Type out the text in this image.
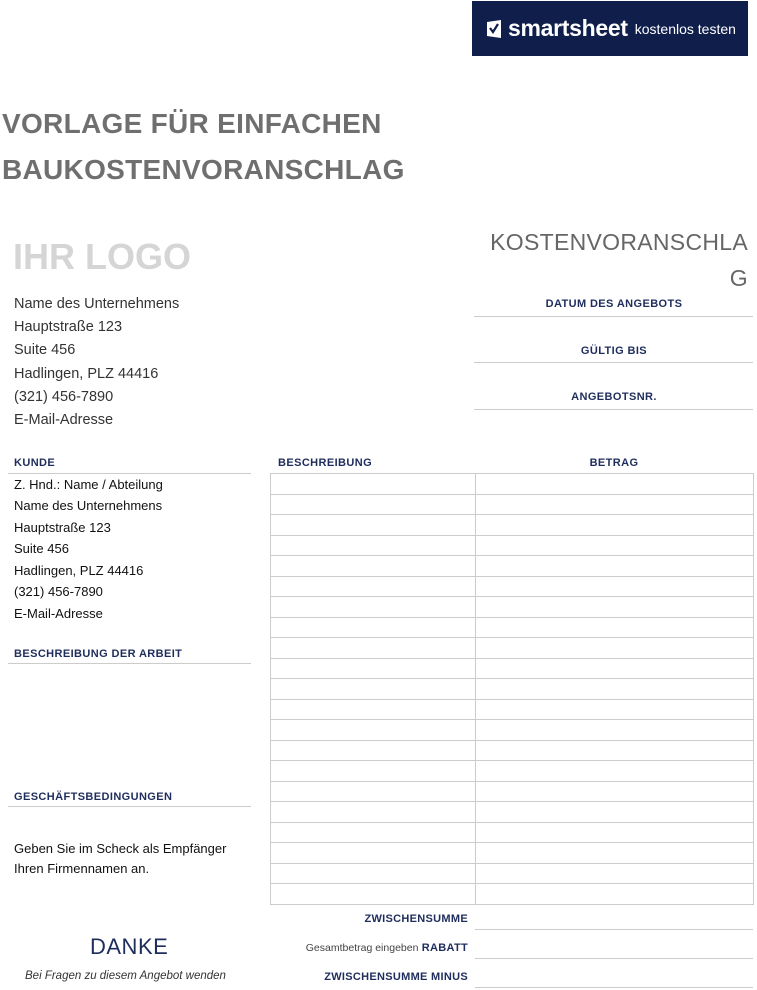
smartsheet kostenlos testen
VORLAGE FÜR EINFACHEN
BAUKOSTENVORANSCHLAG
IHR LOGO	KOSTENVORANSCHLAG
Name des Unternehmens
Hauptstraße 123
Suite 456
Hadlingen, PLZ 44416
(321) 456-7890
E-Mail-Adresse
DATUM DES ANGEBOTS
GÜLTIG BIS
ANGEBOTSNR.
KUNDE
Z. Hnd.: Name / Abteilung
Name des Unternehmens
Hauptstraße 123
Suite 456
Hadlingen, PLZ 44416
(321) 456-7890
E-Mail-Adresse
BESCHREIBUNG DER ARBEIT
GESCHÄFTSBEDINGUNGEN
Geben Sie im Scheck als Empfänger
Ihren Firmennamen an.
BESCHREIBUNG	BETRAG

ZWISCHENSUMME
Gesamtbetrag eingeben RABATT
ZWISCHENSUMME MINUS
DANKE
Bei Fragen zu diesem Angebot wenden
